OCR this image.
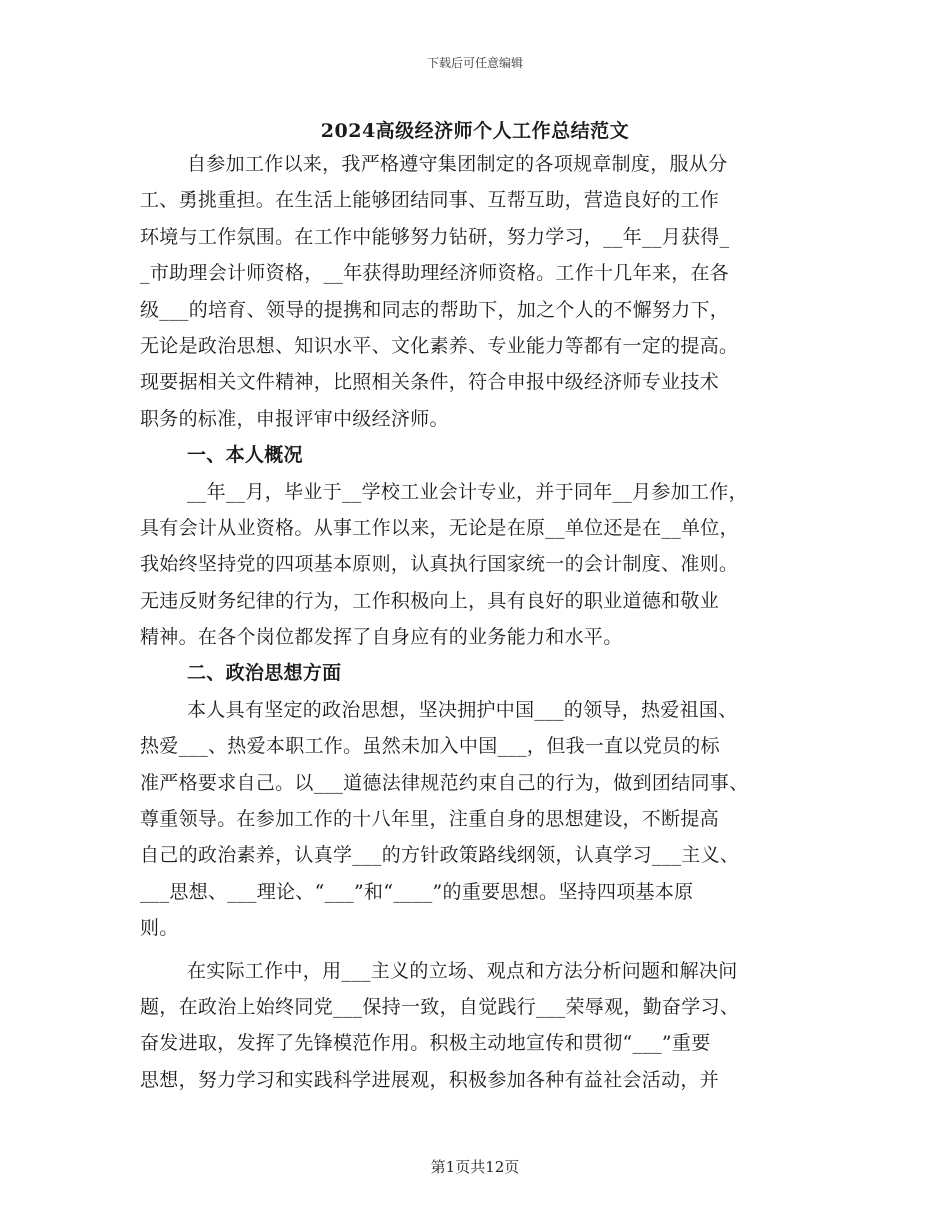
下载后可任意编辑
2024高级经济师个人工作总结范文
自参加工作以来，我严格遵守集团制定的各项规章制度，服从分
工、勇挑重担。在生活上能够团结同事、互帮互助，营造良好的工作
环境与工作氛围。在工作中能够努力钻研，努力学习，__年__月获得_
_市助理会计师资格，__年获得助理经济师资格。工作十几年来，在各
级___的培育、领导的提携和同志的帮助下，加之个人的不懈努力下，
无论是政治思想、知识水平、文化素养、专业能力等都有一定的提高。
现要据相关文件精神，比照相关条件，符合申报中级经济师专业技术
职务的标准，申报评审中级经济师。
一、本人概况
__年__月，毕业于__学校工业会计专业，并于同年__月参加工作，
具有会计从业资格。从事工作以来，无论是在原__单位还是在__单位，
我始终坚持党的四项基本原则，认真执行国家统一的会计制度、准则。
无违反财务纪律的行为，工作积极向上，具有良好的职业道德和敬业
精神。在各个岗位都发挥了自身应有的业务能力和水平。
二、政治思想方面
本人具有坚定的政治思想，坚决拥护中国___的领导，热爱祖国、
热爱___、热爱本职工作。虽然未加入中国___，但我一直以党员的标
准严格要求自己。以___道德法律规范约束自己的行为，做到团结同事、
尊重领导。在参加工作的十八年里，注重自身的思想建设，不断提高
自己的政治素养，认真学___的方针政策路线纲领，认真学习___主义、
___思想、___理论、“___”和“____”的重要思想。坚持四项基本原
则。
在实际工作中，用___主义的立场、观点和方法分析问题和解决问
题，在政治上始终同党___保持一致，自觉践行___荣辱观，勤奋学习、
奋发进取，发挥了先锋模范作用。积极主动地宣传和贯彻“___”重要
思想，努力学习和实践科学进展观，积极参加各种有益社会活动，并
第1页共12页
